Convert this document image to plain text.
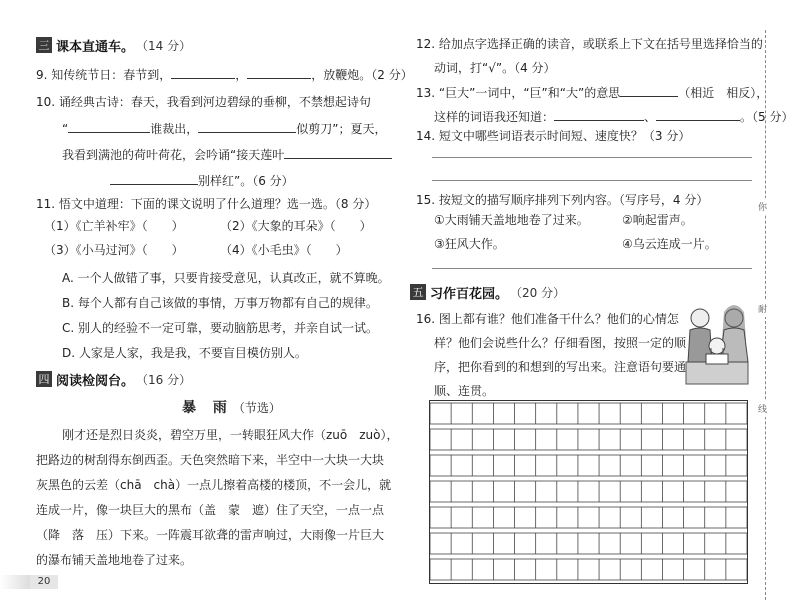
三 课本直通车。 （14 分）
9. 知传统节日：春节到，	，	，放鞭炮。（2 分）
10. 诵经典古诗：春天，我看到河边碧绿的垂柳，不禁想起诗句
“	谁裁出，	似剪刀”；夏天，
我看到满池的荷叶荷花，会吟诵“接天莲叶
别样红”。（6 分）
11. 悟文中道理：下面的课文说明了什么道理？选一选。（8 分）
（1）《亡羊补牢》（　　）	（2）《大象的耳朵》（　　）
（3）《小马过河》（　　）	（4）《小毛虫》（　　）
A. 一个人做错了事，只要肯接受意见，认真改正，就不算晚。
B. 每个人都有自己该做的事情，万事万物都有自己的规律。
C. 别人的经验不一定可靠，要动脑筋思考，并亲自试一试。
D. 人家是人家，我是我，不要盲目模仿别人。
四 阅读检阅台。 （16 分）
暴 雨（节选）
刚才还是烈日炎炎，碧空万里，一转眼狂风大作（zuō　zuò），
把路边的树刮得东倒西歪。天色突然暗下来，半空中一大块一大块
灰黑色的云差（chā　chà）一点儿擦着高楼的楼顶，不一会儿，就
连成一片，像一块巨大的黑布（盖　蒙　遮）住了天空，一点一点
（降　落　压）下来。一阵震耳欲聋的雷声响过，大雨像一片巨大
的瀑布铺天盖地地卷了过来。
20
12. 给加点字选择正确的读音，或联系上下文在括号里选择恰当的
动词，打“√”。（4 分）
13. “巨大”一词中，“巨”和“大”的意思	（相近　相反），
这样的词语我还知道：	、	。（5 分）
14. 短文中哪些词语表示时间短、速度快？（3 分）
15. 按短文的描写顺序排列下列内容。（写序号，4 分）
①大雨铺天盖地地卷了过来。	②响起雷声。
③狂风大作。	④乌云连成一片。
五 习作百花园。 （20 分）
16. 图上都有谁？他们准备干什么？他们的心情怎
样？他们会说些什么？仔细看图，按照一定的顺
序，把你看到的和想到的写出来。注意语句要通
顺、连贯。
你
耐
线
